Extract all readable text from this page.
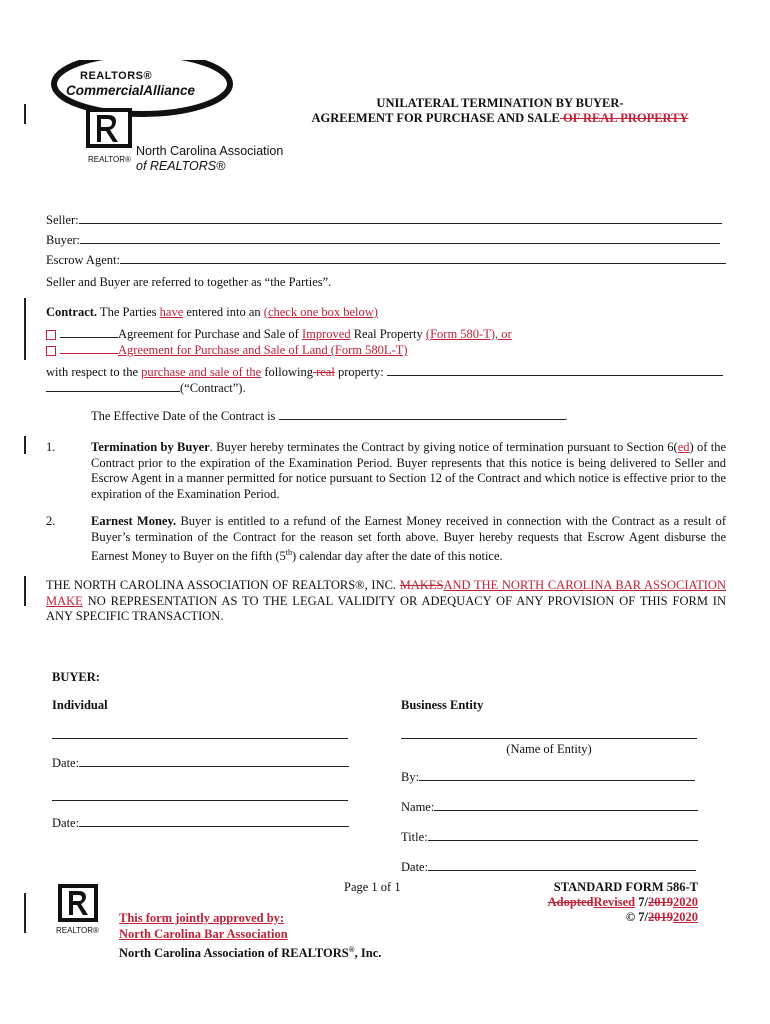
REALTORS®
CommercialAlliance
REALTOR®
North Carolina Association
of REALTORS®
UNILATERAL TERMINATION BY BUYER-
AGREEMENT FOR PURCHASE AND SALE OF REAL PROPERTY
Seller:
Buyer:
Escrow Agent:
Seller and Buyer are referred to together as “the Parties”.
Contract. The Parties have entered into an (check one box below)
Agreement for Purchase and Sale of Improved Real Property (Form 580-T), or
Agreement for Purchase and Sale of Land (Form 580L-T)
with respect to the purchase and sale of the following real property:
(“Contract”).
The Effective Date of the Contract is	.
1.	Termination by Buyer. Buyer hereby terminates the Contract by giving notice of termination pursuant to Section 6(ed) of the Contract prior to the expiration of the Examination Period. Buyer represents that this notice is being delivered to Seller and Escrow Agent in a manner permitted for notice pursuant to Section 12 of the Contract and which notice is effective prior to the expiration of the Examination Period.
2.	Earnest Money. Buyer is entitled to a refund of the Earnest Money received in connection with the Contract as a result of Buyer’s termination of the Contract for the reason set forth above. Buyer hereby requests that Escrow Agent disburse the Earnest Money to Buyer on the fifth (5th) calendar day after the date of this notice.
THE NORTH CAROLINA ASSOCIATION OF REALTORS®, INC. MAKESAND THE NORTH CAROLINA BAR ASSOCIATION MAKE NO REPRESENTATION AS TO THE LEGAL VALIDITY OR ADEQUACY OF ANY PROVISION OF THIS FORM IN ANY SPECIFIC TRANSACTION.
BUYER:
Individual	Business Entity
Date:
Date:
(Name of Entity)
By:
Name:
Title:
Date:
Page 1 of 1
REALTOR®
This form jointly approved by:
North Carolina Bar Association
North Carolina Association of REALTORS®, Inc.
STANDARD FORM 586-T
AdoptedRevised 7/20192020
© 7/20192020
